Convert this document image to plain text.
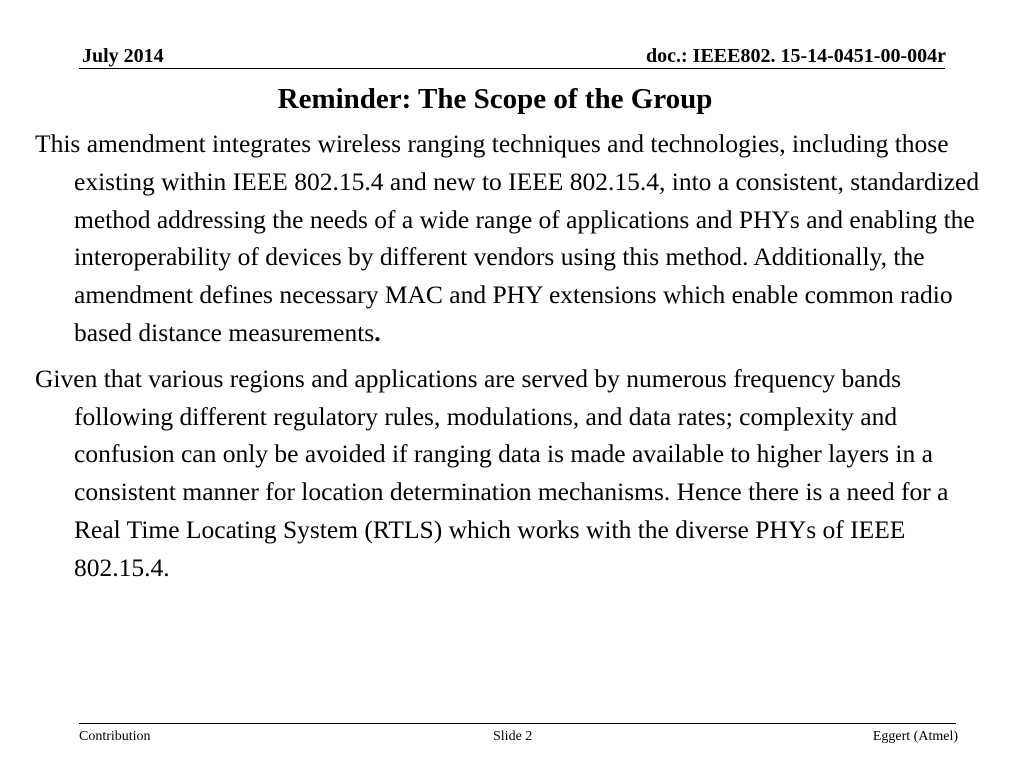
July 2014	doc.: IEEE802. 15-14-0451-00-004r
Reminder: The Scope of the Group

This amendment integrates wireless ranging techniques and technologies, including those existing within IEEE 802.15.4 and new to IEEE 802.15.4, into a consistent, standardized method addressing the needs of a wide range of applications and PHYs and enabling the interoperability of devices by different vendors using this method. Additionally, the amendment defines necessary MAC and PHY extensions which enable common radio based distance measurements.

Given that various regions and applications are served by numerous frequency bands following different regulatory rules, modulations, and data rates; complexity and confusion can only be avoided if ranging data is made available to higher layers in a consistent manner for location determination mechanisms. Hence there is a need for a Real Time Locating System (RTLS) which works with the diverse PHYs of IEEE 802.15.4.

Contribution	Slide 2	Eggert (Atmel)
